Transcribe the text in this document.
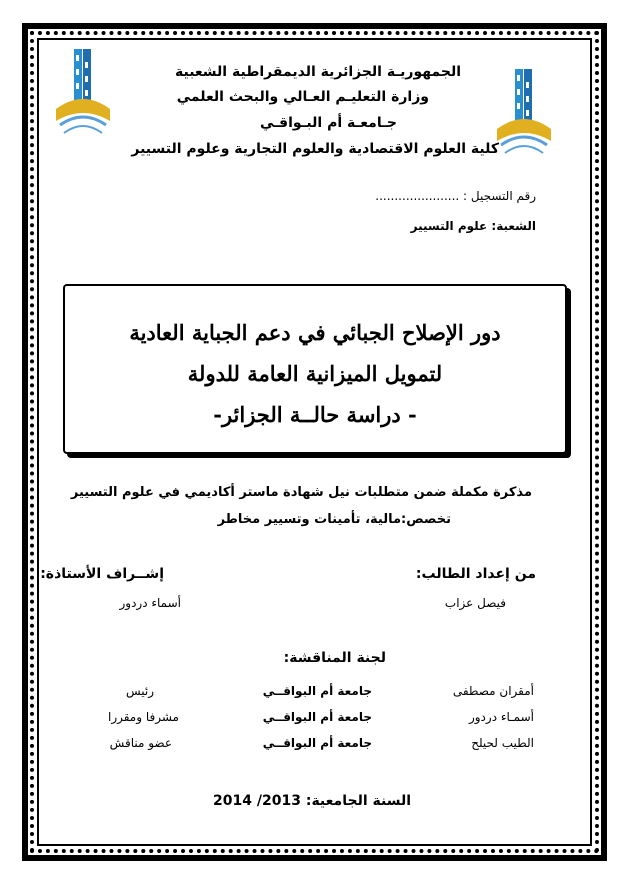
الجمهوريـة الجزائرية الديمقراطية الشعبية
وزارة التعليـم العـالي والبحث العلمي
جـامعـة أم البـواقـي
كلية العلوم الاقتصادية والعلوم التجارية وعلوم التسيير
رقم التسجيل : ......................
الشعبة: علوم التسيير
دور الإصلاح الجبائي في دعم الجباية العادية
لتمويل الميزانية العامة للدولة
- دراسة حالــة الجزائر-
مذكرة مكملة ضمن متطلبات نيل شهادة ماستر أكاديمي في علوم التسيير
تخصص:مالية، تأمينات وتسيير مخاطر
من إعداد الطالب:
إشــراف الأستاذة:
فيصل عزاب
أسماء دردور
لجنة المناقشة:
أمقران مصطفى
جامعة أم البواقــي
رئيس
أسمـاء دردور
جامعة أم البواقــي
مشرفا ومقررا
الطيب لحيلح
جامعة أم البواقــي
عضو مناقش
السنة الجامعية: 2013/ 2014
